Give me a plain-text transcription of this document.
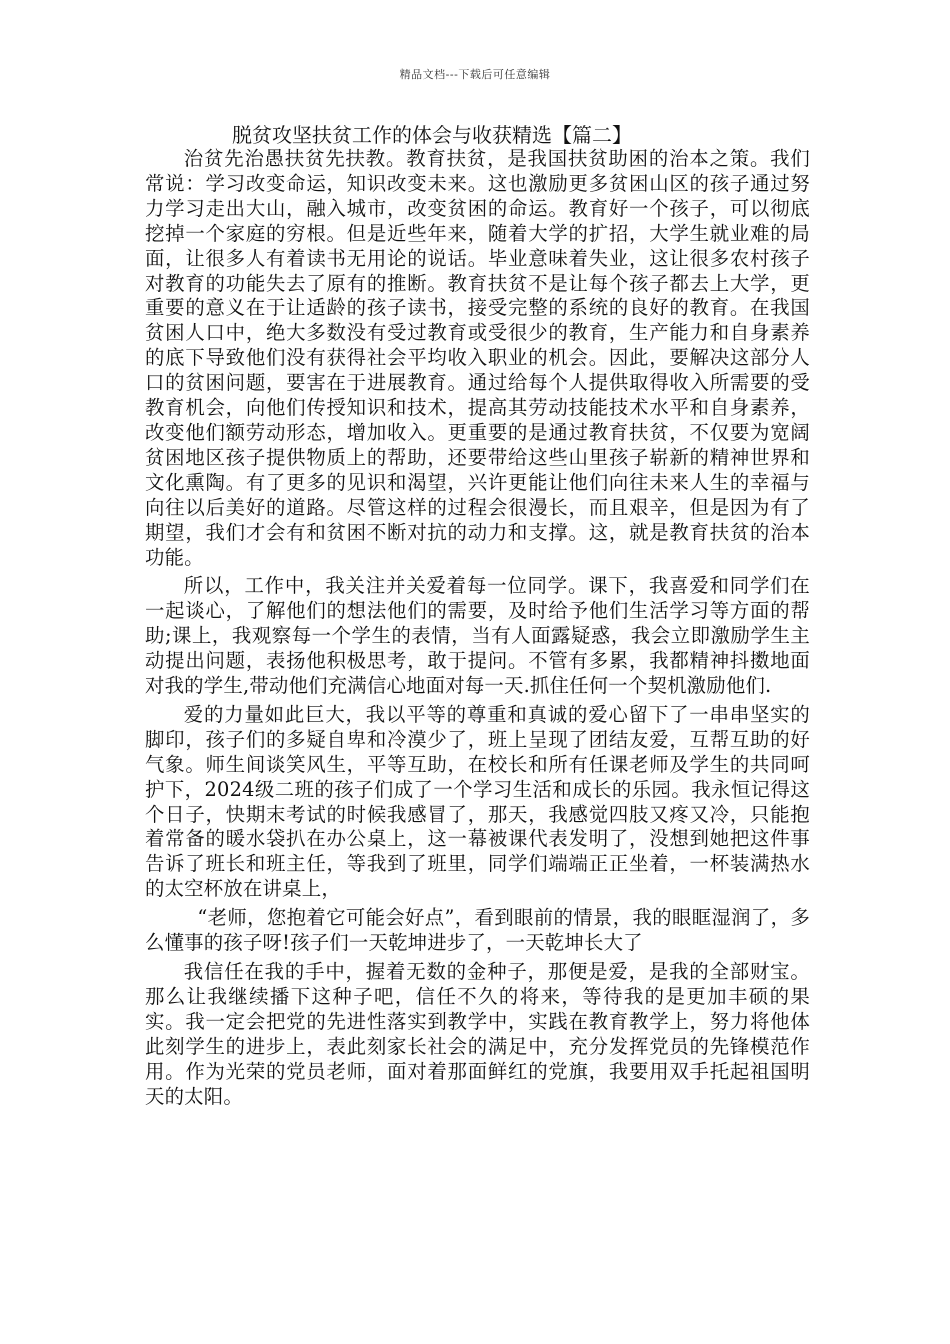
精品文档---下载后可任意编辑
脱贫攻坚扶贫工作的体会与收获精选【篇二】

治贫先治愚扶贫先扶教。教育扶贫，是我国扶贫助困的治本之策。我们常说：学习改变命运，知识改变未来。这也激励更多贫困山区的孩子通过努力学习走出大山，融入城市，改变贫困的命运。教育好一个孩子，可以彻底挖掉一个家庭的穷根。但是近些年来，随着大学的扩招，大学生就业难的局面，让很多人有着读书无用论的说话。毕业意味着失业，这让很多农村孩子对教育的功能失去了原有的推断。教育扶贫不是让每个孩子都去上大学，更重要的意义在于让适龄的孩子读书，接受完整的系统的良好的教育。在我国贫困人口中，绝大多数没有受过教育或受很少的教育，生产能力和自身素养的底下导致他们没有获得社会平均收入职业的机会。因此，要解决这部分人口的贫困问题，要害在于进展教育。通过给每个人提供取得收入所需要的受教育机会，向他们传授知识和技术，提高其劳动技能技术水平和自身素养，改变他们额劳动形态，增加收入。更重要的是通过教育扶贫，不仅要为宽阔贫困地区孩子提供物质上的帮助，还要带给这些山里孩子崭新的精神世界和文化熏陶。有了更多的见识和渴望，兴许更能让他们向往未来人生的幸福与向往以后美好的道路。尽管这样的过程会很漫长，而且艰辛，但是因为有了期望，我们才会有和贫困不断对抗的动力和支撑。这，就是教育扶贫的治本功能。

所以，工作中，我关注并关爱着每一位同学。课下，我喜爱和同学们在一起谈心，了解他们的想法他们的需要，及时给予他们生活学习等方面的帮助;课上，我观察每一个学生的表情，当有人面露疑惑，我会立即激励学生主动提出问题，表扬他积极思考，敢于提问。不管有多累，我都精神抖擞地面对我的学生,带动他们充满信心地面对每一天.抓住任何一个契机激励他们.

爱的力量如此巨大，我以平等的尊重和真诚的爱心留下了一串串坚实的脚印，孩子们的多疑自卑和冷漠少了，班上呈现了团结友爱，互帮互助的好气象。师生间谈笑风生，平等互助，在校长和所有任课老师及学生的共同呵护下，2024级二班的孩子们成了一个学习生活和成长的乐园。我永恒记得这个日子，快期末考试的时候我感冒了，那天，我感觉四肢又疼又冷，只能抱着常备的暖水袋扒在办公桌上，这一幕被课代表发明了，没想到她把这件事告诉了班长和班主任，等我到了班里，同学们端端正正坐着，一杯装满热水的太空杯放在讲桌上，

“老师，您抱着它可能会好点”，看到眼前的情景，我的眼眶湿润了，多么懂事的孩子呀!孩子们一天乾坤进步了，一天乾坤长大了

我信任在我的手中，握着无数的金种子，那便是爱，是我的全部财宝。那么让我继续播下这种子吧，信任不久的将来，等待我的是更加丰硕的果实。我一定会把党的先进性落实到教学中，实践在教育教学上，努力将他体此刻学生的进步上，表此刻家长社会的满足中，充分发挥党员的先锋模范作用。作为光荣的党员老师，面对着那面鲜红的党旗，我要用双手托起祖国明天的太阳。
